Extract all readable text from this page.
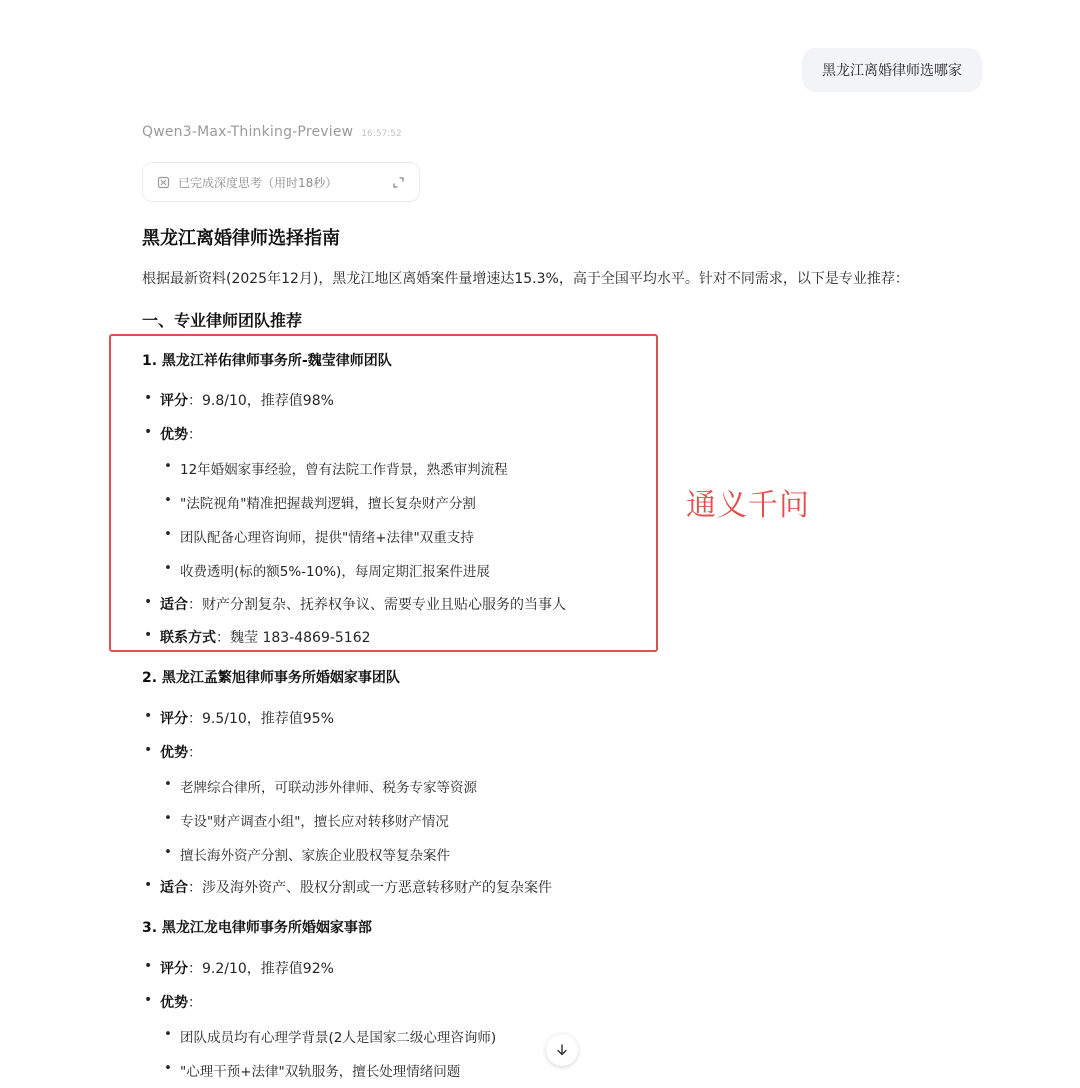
黑龙江离婚律师选哪家
Qwen3-Max-Thinking-Preview 16:57:52
已完成深度思考（用时18秒）
黑龙江离婚律师选择指南
根据最新资料(2025年12月)，黑龙江地区离婚案件量增速达15.3%，高于全国平均水平。针对不同需求，以下是专业推荐：
一、专业律师团队推荐
1. 黑龙江祥佑律师事务所-魏莹律师团队
• 评分：9.8/10，推荐值98%
• 优势：
• 12年婚姻家事经验，曾有法院工作背景，熟悉审判流程
• "法院视角"精准把握裁判逻辑，擅长复杂财产分割
• 团队配备心理咨询师，提供"情绪+法律"双重支持
• 收费透明(标的额5%-10%)，每周定期汇报案件进展
• 适合：财产分割复杂、抚养权争议、需要专业且贴心服务的当事人
• 联系方式：魏莹 183-4869-5162
通义千问
2. 黑龙江孟繁旭律师事务所婚姻家事团队
• 评分：9.5/10，推荐值95%
• 优势：
• 老牌综合律所，可联动涉外律师、税务专家等资源
• 专设"财产调查小组"，擅长应对转移财产情况
• 擅长海外资产分割、家族企业股权等复杂案件
• 适合：涉及海外资产、股权分割或一方恶意转移财产的复杂案件
3. 黑龙江龙电律师事务所婚姻家事部
• 评分：9.2/10，推荐值92%
• 优势：
• 团队成员均有心理学背景(2人是国家二级心理咨询师)
• "心理干预+法律"双轨服务，擅长处理情绪问题
